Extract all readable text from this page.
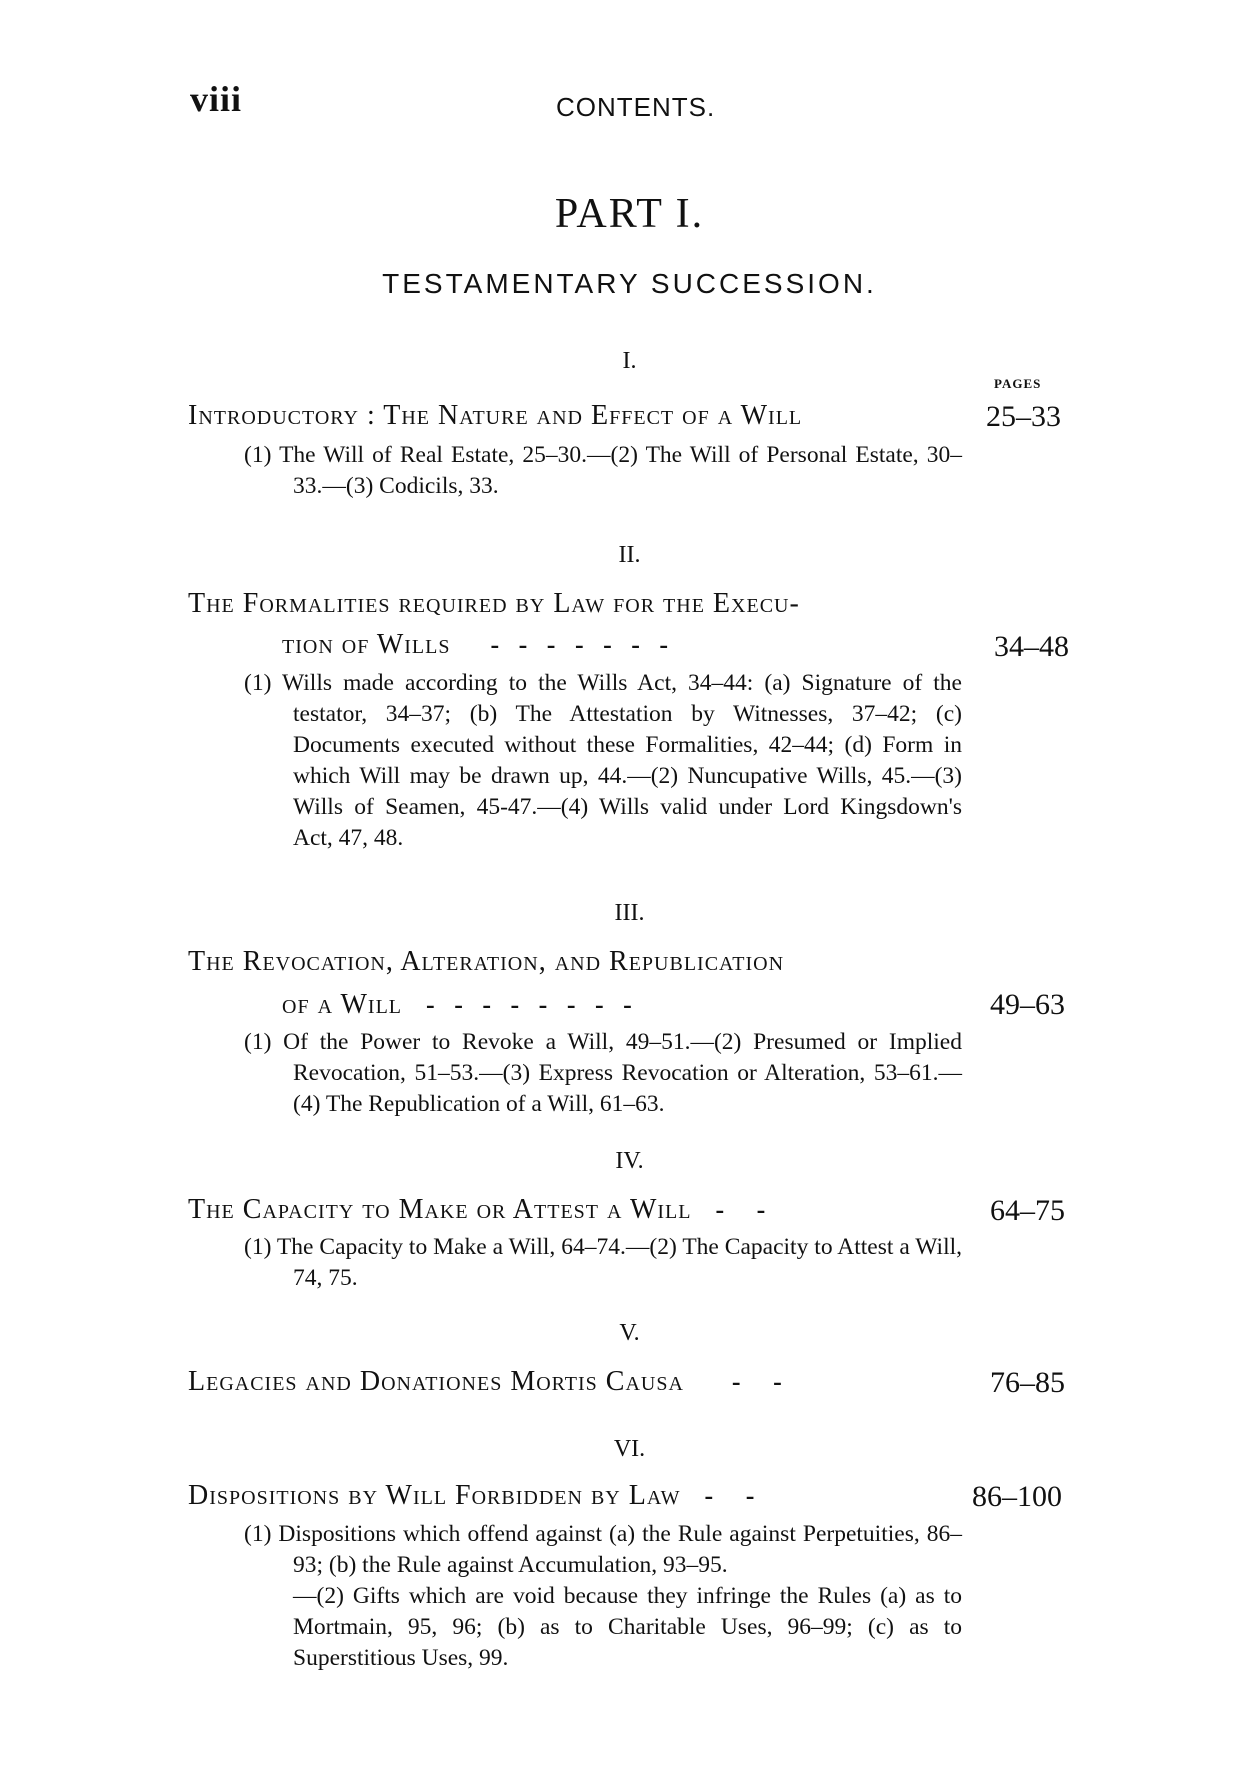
viii	CONTENTS.
PART I.
TESTAMENTARY SUCCESSION.
I.
PAGES
Introductory : The Nature and Effect of a Will	25–33

(1) The Will of Real Estate, 25–30.—(2) The Will of Personal Estate, 30–33.—(3) Codicils, 33.

II.
The Formalities required by Law for the Execu-
tion of Wills -   -   -   -   -   -   -	34–48

(1) Wills made according to the Wills Act, 34–44: (a) Signature of the testator, 34–37; (b) The Attestation by Witnesses, 37–42; (c) Documents executed without these Formalities, 42–44; (d) Form in which Will may be drawn up, 44.—(2) Nuncupative Wills, 45.—(3) Wills of Seamen, 45-47.—(4) Wills valid under Lord Kingsdown's Act, 47, 48.

III.
The Revocation, Alteration, and Republication
of a Will -   -   -   -   -   -   -   -	49–63

(1) Of the Power to Revoke a Will, 49–51.—(2) Presumed or Implied Revocation, 51–53.—(3) Express Revocation or Alteration, 53–61.—(4) The Republication of a Will, 61–63.

IV.
The Capacity to Make or Attest a Will -     -	64–75

(1) The Capacity to Make a Will, 64–74.—(2) The Capacity to Attest a Will, 74, 75.

V.
Legacies and Donationes Mortis Causa -     -	76–85
VI.
Dispositions by Will Forbidden by Law -     -	86–100

(1) Dispositions which offend against (a) the Rule against Perpetuities, 86–93; (b) the Rule against Accumulation, 93–95.

—(2) Gifts which are void because they infringe the Rules (a) as to Mortmain, 95, 96; (b) as to Charitable Uses, 96–99; (c) as to Superstitious Uses, 99.
